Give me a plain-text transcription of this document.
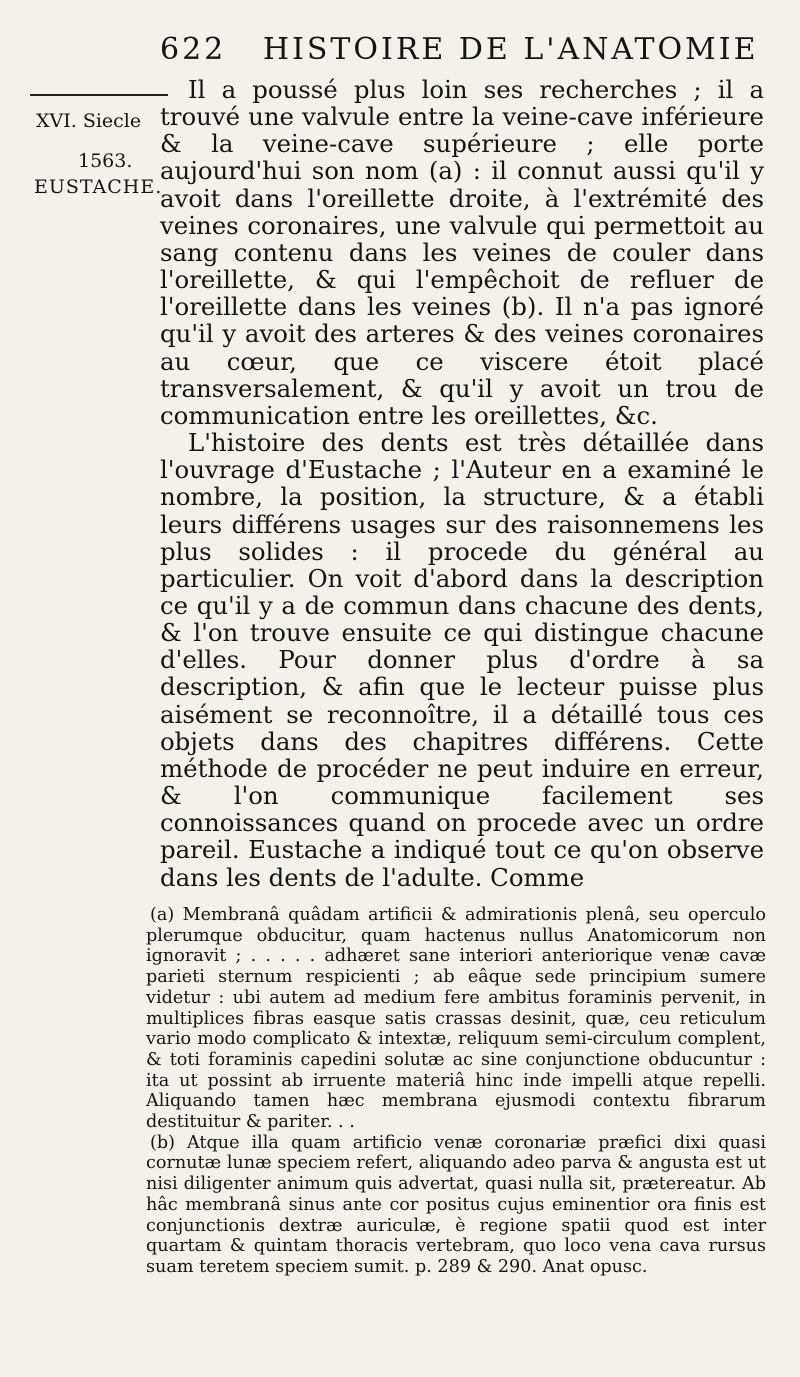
622 HISTOIRE DE L'ANATOMIE
XVI. Siecle
1563.
EUSTACHE.

Il a poussé plus loin ses recherches ; il a trouvé une valvule entre la veine-cave inférieure & la veine-cave supérieure ; elle porte aujourd'hui son nom (a) : il connut aussi qu'il y avoit dans l'oreillette droite, à l'extrémité des veines coronaires, une valvule qui permettoit au sang contenu dans les veines de couler dans l'oreillette, & qui l'empêchoit de refluer de l'oreillette dans les veines (b). Il n'a pas ignoré qu'il y avoit des arteres & des veines coronaires au cœur, que ce viscere étoit placé transversalement, & qu'il y avoit un trou de communication entre les oreillettes, &c.

L'histoire des dents est très détaillée dans l'ouvrage d'Eustache ; l'Auteur en a examiné le nombre, la position, la structure, & a établi leurs différens usages sur des raisonnemens les plus solides : il procede du général au particulier. On voit d'abord dans la description ce qu'il y a de commun dans chacune des dents, & l'on trouve ensuite ce qui distingue chacune d'elles. Pour donner plus d'ordre à sa description, & afin que le lecteur puisse plus aisément se reconnoître, il a détaillé tous ces objets dans des chapitres différens. Cette méthode de procéder ne peut induire en erreur, & l'on communique facilement ses connoissances quand on procede avec un ordre pareil. Eustache a indiqué tout ce qu'on observe dans les dents de l'adulte. Comme

(a) Membranâ quâdam artificii & admirationis plenâ, seu operculo plerumque obducitur, quam hactenus nullus Anatomicorum non ignoravit ; . . . . . adhæret sane interiori anteriorique venæ cavæ parieti sternum respicienti ; ab eâque sede principium sumere videtur : ubi autem ad medium fere ambitus foraminis pervenit, in multiplices fibras easque satis crassas desinit, quæ, ceu reticulum vario modo complicato & intextæ, reliquum semi-circulum complent, & toti foraminis capedini solutæ ac sine conjunctione obducuntur : ita ut possint ab irruente materiâ hinc inde impelli atque repelli. Aliquando tamen hæc membrana ejusmodi contextu fibrarum destituitur & pariter. . .

(b) Atque illa quam artificio venæ coronariæ præfici dixi quasi cornutæ lunæ speciem refert, aliquando adeo parva & angusta est ut nisi diligenter animum quis advertat, quasi nulla sit, prætereatur. Ab hâc membranâ sinus ante cor positus cujus eminentior ora finis est conjunctionis dextræ auriculæ, è regione spatii quod est inter quartam & quintam thoracis vertebram, quo loco vena cava rursus suam teretem speciem sumit. p. 289 & 290. Anat opusc.
